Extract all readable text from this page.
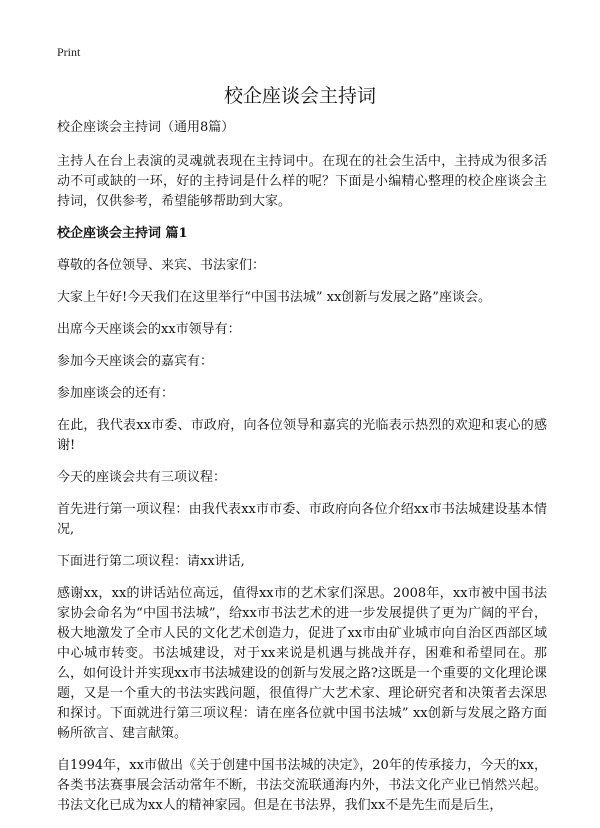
Print
校企座谈会主持词

校企座谈会主持词（通用8篇）

主持人在台上表演的灵魂就表现在主持词中。在现在的社会生活中，主持成为很多活动不可或缺的一环，好的主持词是什么样的呢？下面是小编精心整理的校企座谈会主持词，仅供参考，希望能够帮助到大家。

校企座谈会主持词 篇1

尊敬的各位领导、来宾、书法家们：

大家上午好!今天我们在这里举行“中国书法城” xx创新与发展之路”座谈会。

出席今天座谈会的xx市领导有：

参加今天座谈会的嘉宾有：

参加座谈会的还有：

在此，我代表xx市委、市政府，向各位领导和嘉宾的光临表示热烈的欢迎和衷心的感谢!

今天的座谈会共有三项议程：

首先进行第一项议程：由我代表xx市市委、市政府向各位介绍xx市书法城建设基本情况,

下面进行第二项议程：请xx讲话,

感谢xx，xx的讲话站位高远，值得xx市的艺术家们深思。2008年，xx市被中国书法家协会命名为“中国书法城”，给xx市书法艺术的进一步发展提供了更为广阔的平台，极大地激发了全市人民的文化艺术创造力，促进了xx市由矿业城市向自治区西部区域中心城市转变。书法城建设，对于xx来说是机遇与挑战并存，困难和希望同在。那么，如何设计并实现xx市书法城建设的创新与发展之路?这既是一个重要的文化理论课题，又是一个重大的书法实践问题，很值得广大艺术家、理论研究者和决策者去深思和探讨。下面就进行第三项议程：请在座各位就中国书法城” xx创新与发展之路方面畅所欲言、建言献策。

自1994年，xx市做出《关于创建中国书法城的决定》，20年的传承接力，今天的xx，各类书法赛事展会活动常年不断，书法交流联通海内外，书法文化产业已悄然兴起。书法文化已成为xx人的精神家园。但是在书法界，我们xx不是先生而是后生，
